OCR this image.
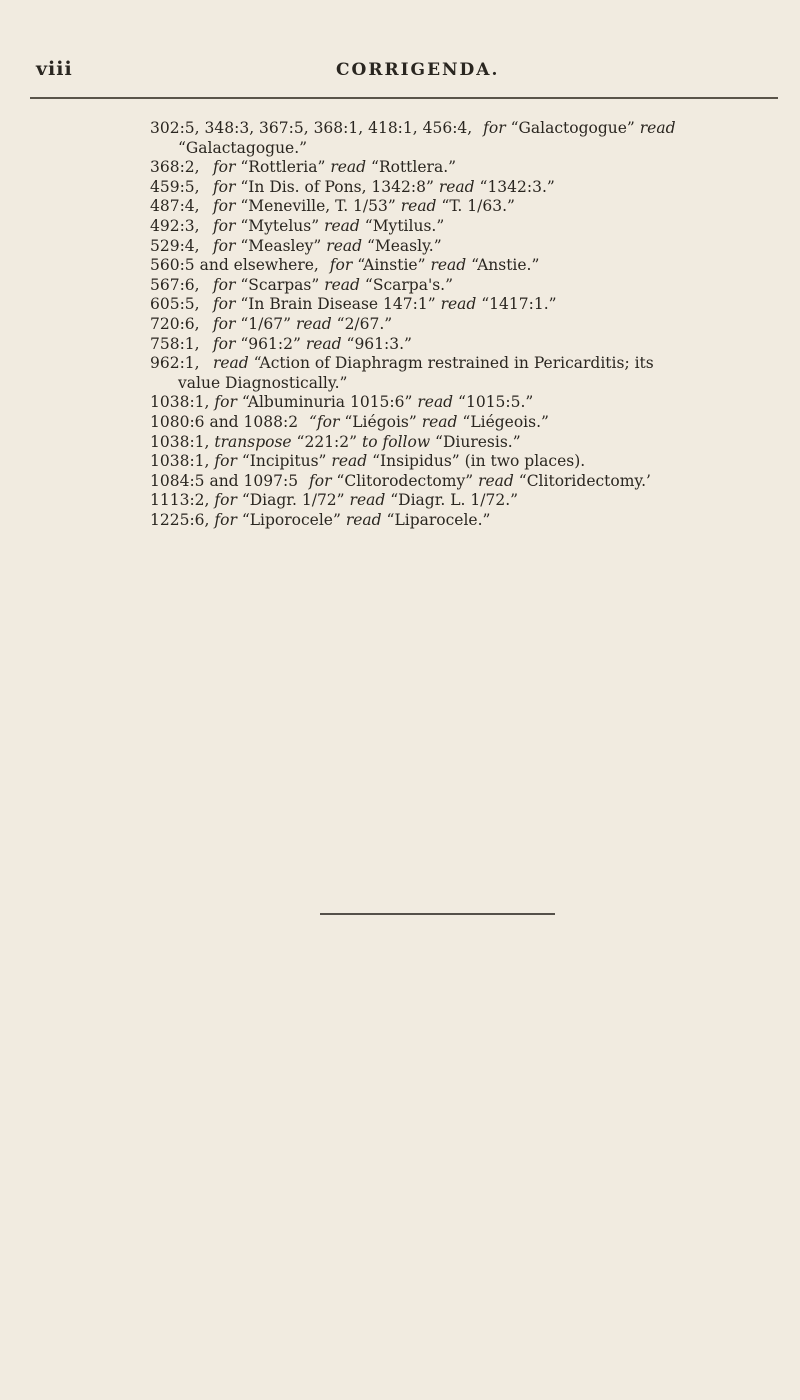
viii	CORRIGENDA.
302:5, 348:3, 367:5, 368:1, 418:1, 456:4, for “Galactogogue” read
“Galactagogue.”
368:2, for “Rottleria” read “Rottlera.”
459:5, for “In Dis. of Pons, 1342:8” read “1342:3.”
487:4, for “Meneville, T. 1/53” read “T. 1/63.”
492:3, for “Mytelus” read “Mytilus.”
529:4, for “Measley” read “Measly.”
560:5 and elsewhere, for “Ainstie” read “Anstie.”
567:6, for “Scarpas” read “Scarpa's.”
605:5, for “In Brain Disease 147:1” read “1417:1.”
720:6, for “1/67” read “2/67.”
758:1, for “961:2” read “961:3.”
962:1, read “Action of Diaphragm restrained in Pericarditis; its
value Diagnostically.”
1038:1, for “Albuminuria 1015:6” read “1015:5.”
1080:6 and 1088:2 “for “Liégois” read “Liégeois.”
1038:1, transpose “221:2” to follow “Diuresis.”
1038:1, for “Incipitus” read “Insipidus” (in two places).
1084:5 and 1097:5 for “Clitorodectomy” read “Clitoridectomy.’
1113:2, for “Diagr. 1/72” read “Diagr. L. 1/72.”
1225:6, for “Liporocele” read “Liparocele.”
